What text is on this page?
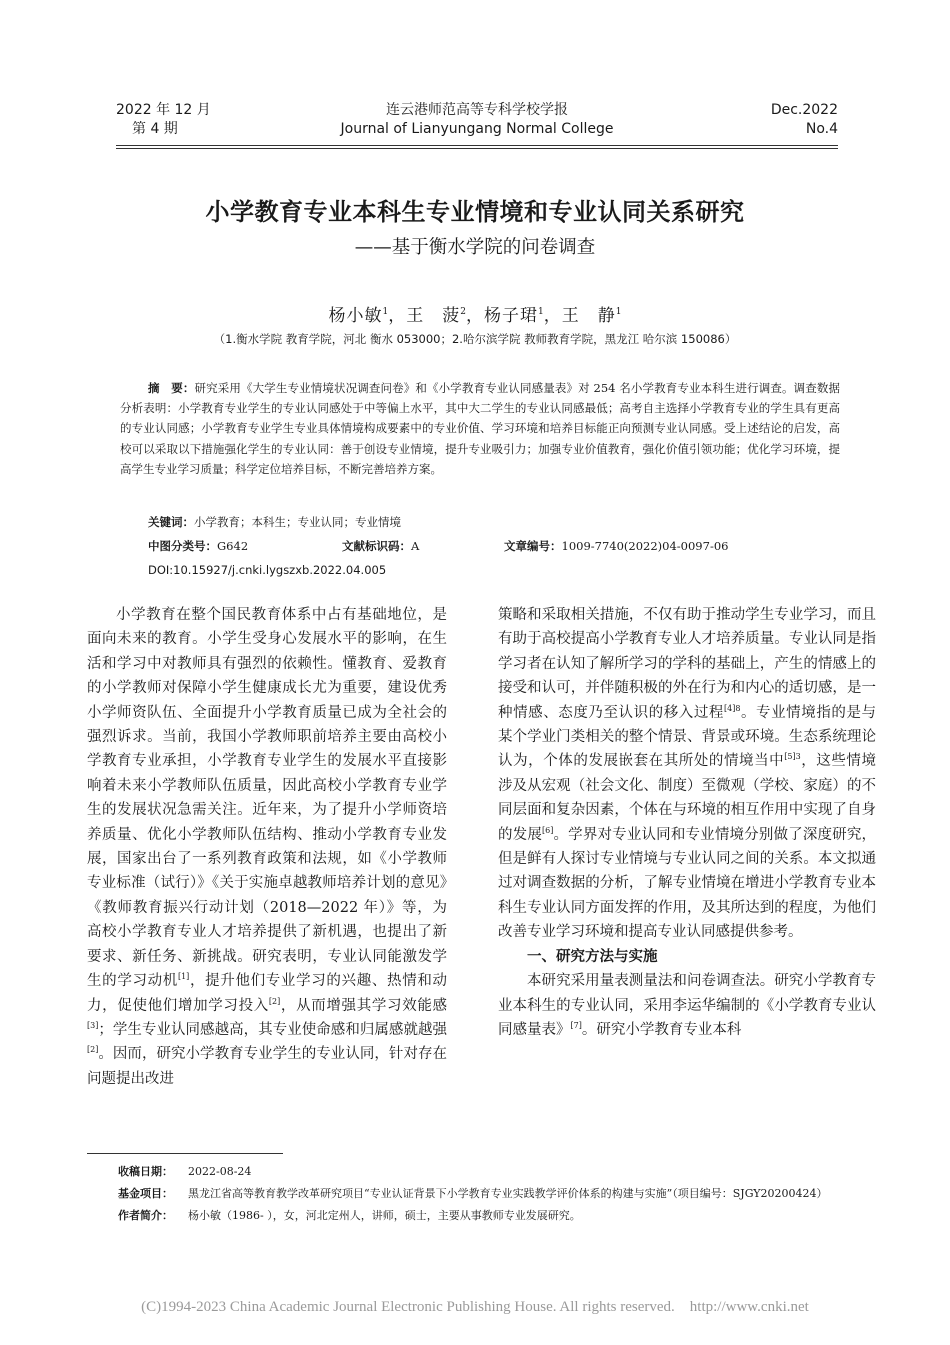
2022 年 12 月
第 4 期
连云港师范高等专科学校学报
Journal of Lianyungang Normal College
Dec.2022
No.4
小学教育专业本科生专业情境和专业认同关系研究
——基于衡水学院的问卷调查
杨小敏$^1$，王　菠$^2$，杨子珺$^1$，王　静$^1$
（1.衡水学院 教育学院，河北 衡水 053000；2.哈尔滨学院 教师教育学院，黑龙江 哈尔滨 150086）
摘　要：研究采用《大学生专业情境状况调查问卷》和《小学教育专业认同感量表》对 254 名小学教育专业本科生进行调查。调查数据分析表明：小学教育专业学生的专业认同感处于中等偏上水平，其中大二学生的专业认同感最低；高考自主选择小学教育专业的学生具有更高的专业认同感；小学教育专业学生专业具体情境构成要素中的专业价值、学习环境和培养目标能正向预测专业认同感。受上述结论的启发，高校可以采取以下措施强化学生的专业认同：善于创设专业情境，提升专业吸引力；加强专业价值教育，强化价值引领功能；优化学习环境，提高学生专业学习质量；科学定位培养目标，不断完善培养方案。
关键词：小学教育；本科生；专业认同；专业情境
中图分类号：G642	文献标识码：A	文章编号：1009-7740(2022)04-0097-06
DOI:10.15927/j.cnki.lygszxb.2022.04.005

小学教育在整个国民教育体系中占有基础地位，是面向未来的教育。小学生受身心发展水平的影响，在生活和学习中对教师具有强烈的依赖性。懂教育、爱教育的小学教师对保障小学生健康成长尤为重要，建设优秀小学师资队伍、全面提升小学教育质量已成为全社会的强烈诉求。当前，我国小学教师职前培养主要由高校小学教育专业承担，小学教育专业学生的发展水平直接影响着未来小学教师队伍质量，因此高校小学教育专业学生的发展状况急需关注。近年来，为了提升小学师资培养质量、优化小学教师队伍结构、推动小学教育专业发展，国家出台了一系列教育政策和法规，如《小学教师专业标准（试行）》《关于实施卓越教师培养计划的意见》《教师教育振兴行动计划（2018—2022 年）》等，为高校小学教育专业人才培养提供了新机遇，也提出了新要求、新任务、新挑战。研究表明，专业认同能激发学生的学习动机[1]，提升他们专业学习的兴趣、热情和动力，促使他们增加学习投入[2]，从而增强其学习效能感[3]；学生专业认同感越高，其专业使命感和归属感就越强[2]。因而，研究小学教育专业学生的专业认同，针对存在问题提出改进

策略和采取相关措施，不仅有助于推动学生专业学习，而且有助于高校提高小学教育专业人才培养质量。专业认同是指学习者在认知了解所学习的学科的基础上，产生的情感上的接受和认可，并伴随积极的外在行为和内心的适切感，是一种情感、态度乃至认识的移入过程$^{[4]8}$。专业情境指的是与某个学业门类相关的整个情景、背景或环境。生态系统理论认为，个体的发展嵌套在其所处的情境当中$^{[5]3}$，这些情境涉及从宏观（社会文化、制度）至微观（学校、家庭）的不同层面和复杂因素，个体在与环境的相互作用中实现了自身的发展[6]。学界对专业认同和专业情境分别做了深度研究，但是鲜有人探讨专业情境与专业认同之间的关系。本文拟通过对调查数据的分析，了解专业情境在增进小学教育专业本科生专业认同方面发挥的作用，及其所达到的程度，为他们改善专业学习环境和提高专业认同感提供参考。

一、研究方法与实施

本研究采用量表测量法和问卷调查法。研究小学教育专业本科生的专业认同，采用李运华编制的《小学教育专业认同感量表》[7]。研究小学教育专业本科

收稿日期： 2022-08-24
基金项目： 黑龙江省高等教育教学改革研究项目“专业认证背景下小学教育专业实践教学评价体系的构建与实施”（项目编号：SJGY20200424）
作者简介： 杨小敏（1986- ），女，河北定州人，讲师，硕士，主要从事教师专业发展研究。
(C)1994-2023 China Academic Journal Electronic Publishing House. All rights reserved.    http://www.cnki.net
